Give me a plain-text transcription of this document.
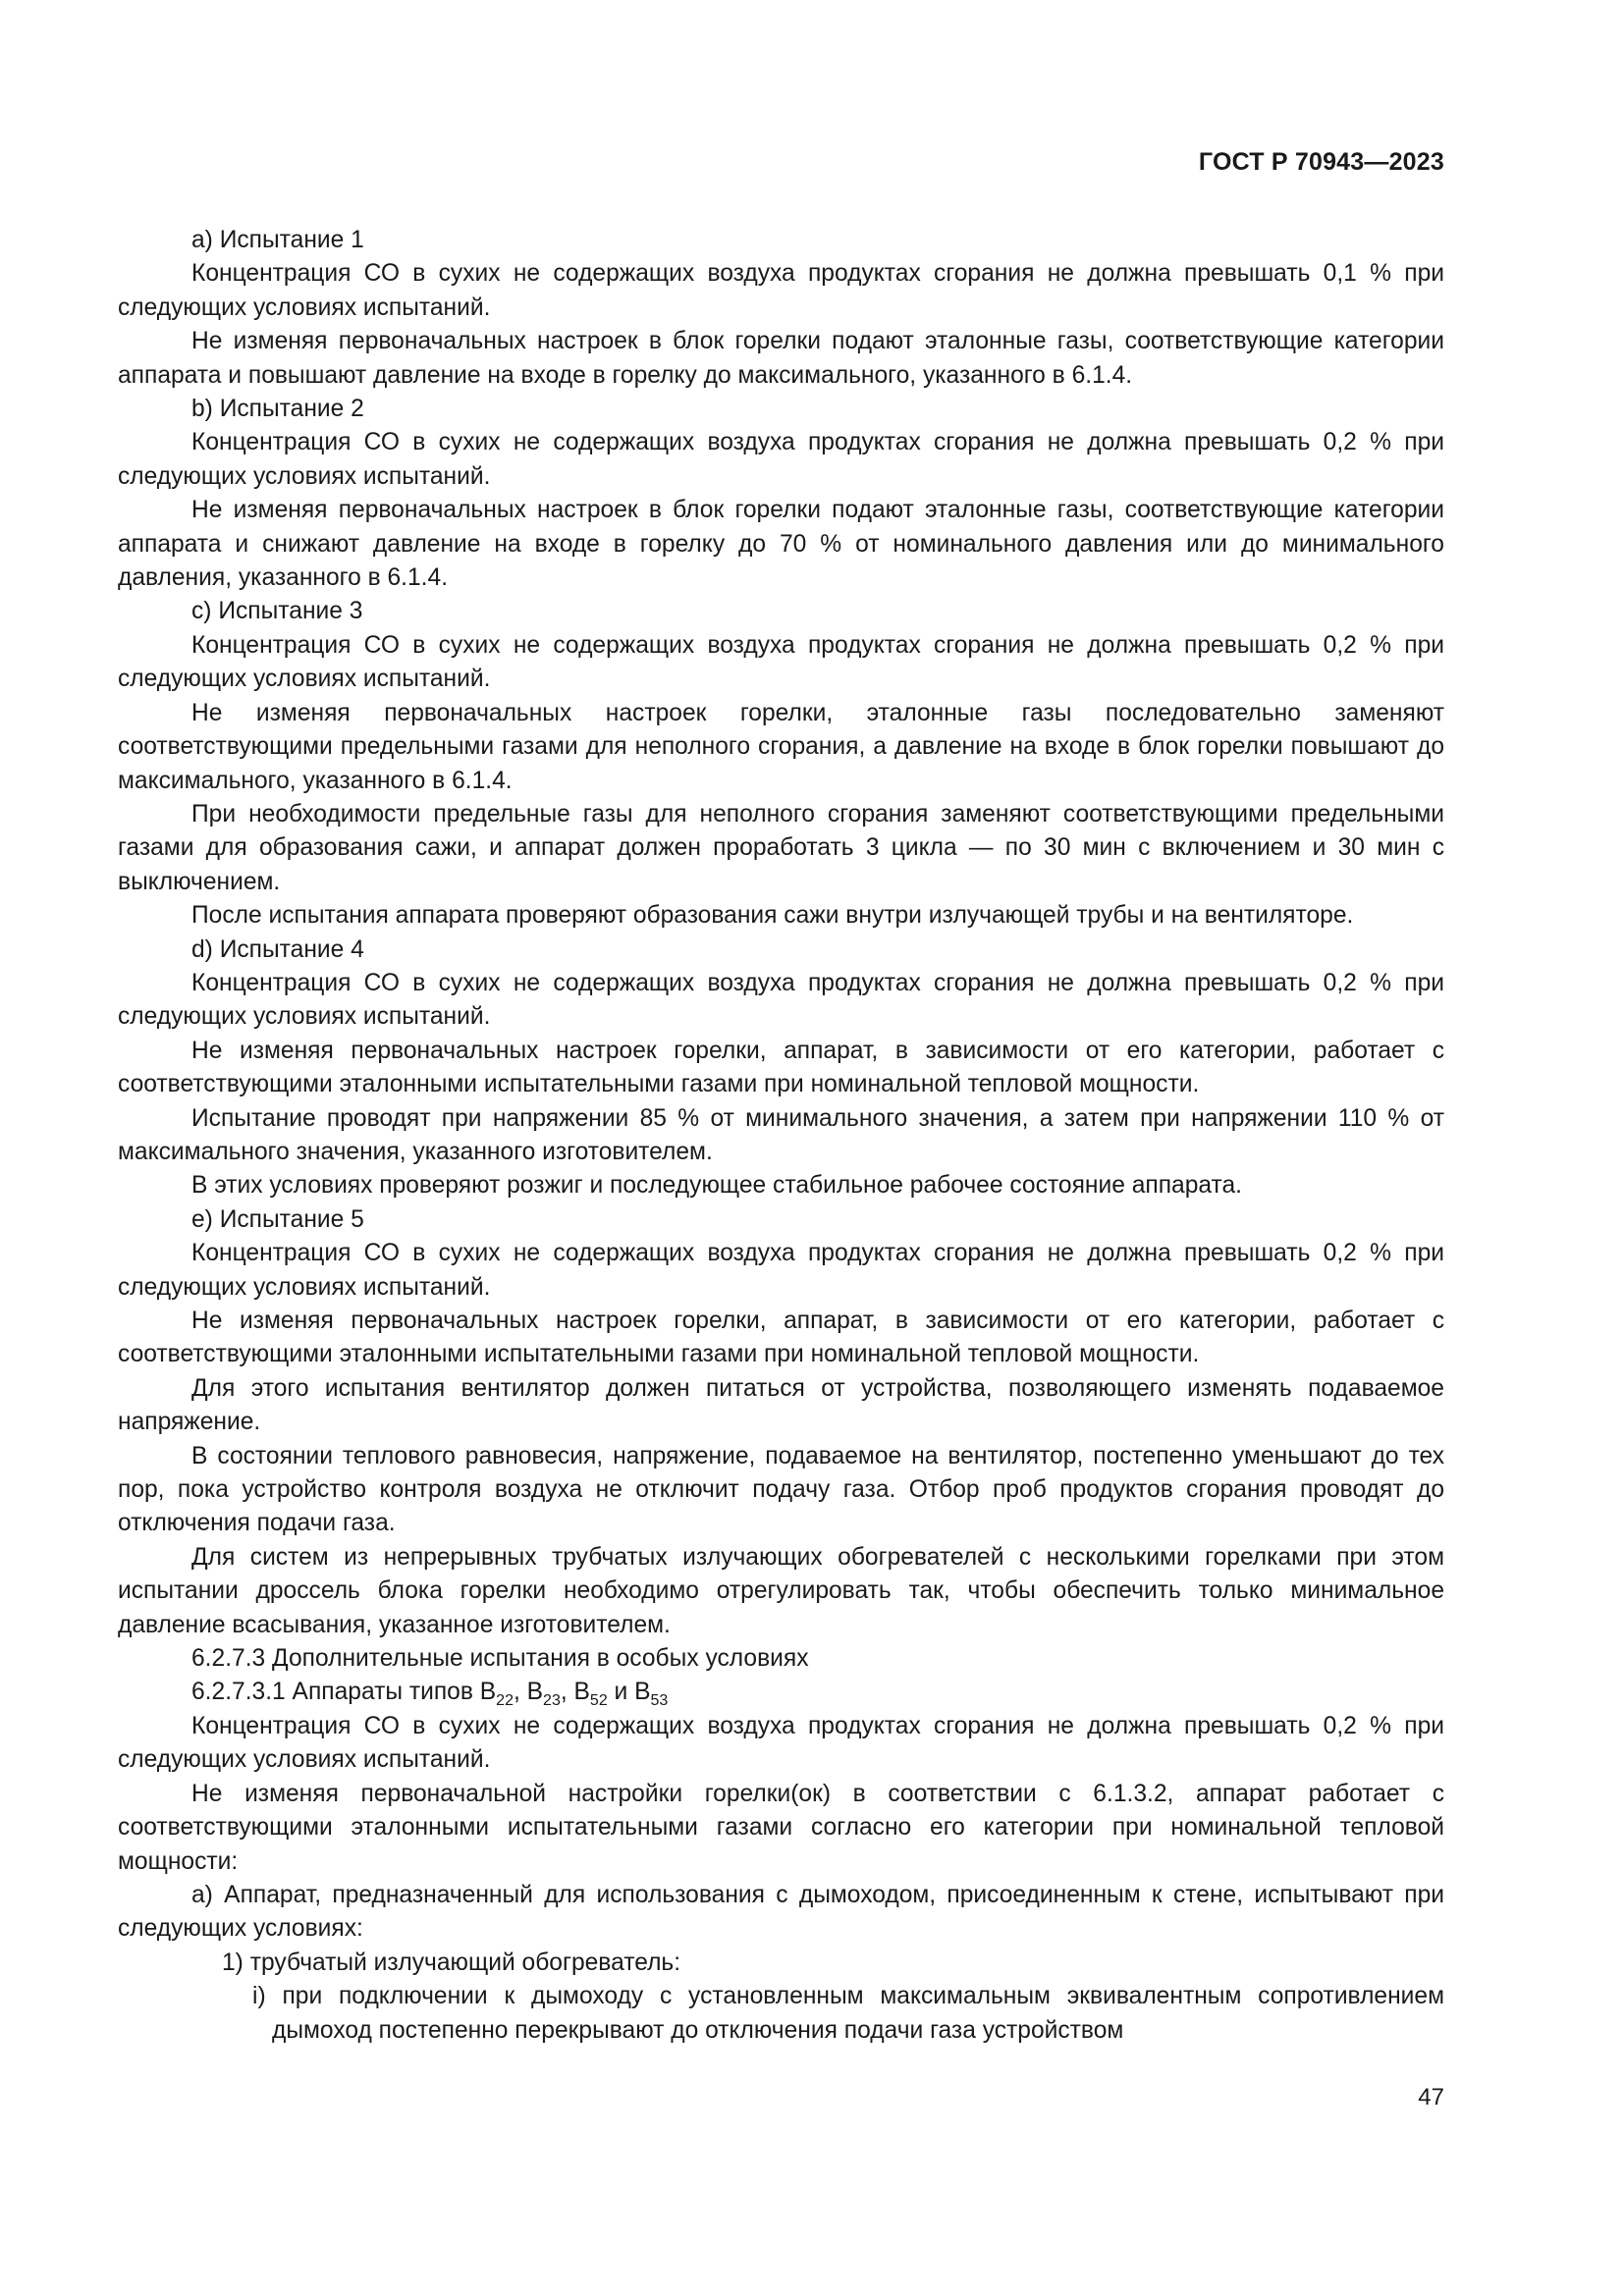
ГОСТ Р 70943—2023

a) Испытание 1

Концентрация СО в сухих не содержащих воздуха продуктах сгорания не должна превышать 0,1 % при следующих условиях испытаний.

Не изменяя первоначальных настроек в блок горелки подают эталонные газы, соответствующие категории аппарата и повышают давление на входе в горелку до максимального, указанного в 6.1.4.

b) Испытание 2

Концентрация СО в сухих не содержащих воздуха продуктах сгорания не должна превышать 0,2 % при следующих условиях испытаний.

Не изменяя первоначальных настроек в блок горелки подают эталонные газы, соответствующие категории аппарата и снижают давление на входе в горелку до 70 % от номинального давления или до минимального давления, указанного в 6.1.4.

c) Испытание 3

Концентрация СО в сухих не содержащих воздуха продуктах сгорания не должна превышать 0,2 % при следующих условиях испытаний.

Не изменяя первоначальных настроек горелки, эталонные газы последовательно заменяют соответствующими предельными газами для неполного сгорания, а давление на входе в блок горелки повышают до максимального, указанного в 6.1.4.

При необходимости предельные газы для неполного сгорания заменяют соответствующими предельными газами для образования сажи, и аппарат должен проработать 3 цикла — по 30 мин с включением и 30 мин с выключением.

После испытания аппарата проверяют образования сажи внутри излучающей трубы и на вентиляторе.

d) Испытание 4

Концентрация СО в сухих не содержащих воздуха продуктах сгорания не должна превышать 0,2 % при следующих условиях испытаний.

Не изменяя первоначальных настроек горелки, аппарат, в зависимости от его категории, работает с соответствующими эталонными испытательными газами при номинальной тепловой мощности.

Испытание проводят при напряжении 85 % от минимального значения, а затем при напряжении 110 % от максимального значения, указанного изготовителем.

В этих условиях проверяют розжиг и последующее стабильное рабочее состояние аппарата.

e) Испытание 5

Концентрация СО в сухих не содержащих воздуха продуктах сгорания не должна превышать 0,2 % при следующих условиях испытаний.

Не изменяя первоначальных настроек горелки, аппарат, в зависимости от его категории, работает с соответствующими эталонными испытательными газами при номинальной тепловой мощности.

Для этого испытания вентилятор должен питаться от устройства, позволяющего изменять подаваемое напряжение.

В состоянии теплового равновесия, напряжение, подаваемое на вентилятор, постепенно уменьшают до тех пор, пока устройство контроля воздуха не отключит подачу газа. Отбор проб продуктов сгорания проводят до отключения подачи газа.

Для систем из непрерывных трубчатых излучающих обогревателей с несколькими горелками при этом испытании дроссель блока горелки необходимо отрегулировать так, чтобы обеспечить только минимальное давление всасывания, указанное изготовителем.

6.2.7.3 Дополнительные испытания в особых условиях

6.2.7.3.1 Аппараты типов $B_{22}$, $B_{23}$, $B_{52}$ и $B_{53}$

Концентрация СО в сухих не содержащих воздуха продуктах сгорания не должна превышать 0,2 % при следующих условиях испытаний.

Не изменяя первоначальной настройки горелки(ок) в соответствии с 6.1.3.2, аппарат работает с соответствующими эталонными испытательными газами согласно его категории при номинальной тепловой мощности:

а) Аппарат, предназначенный для использования с дымоходом, присоединенным к стене, испытывают при следующих условиях:

1) трубчатый излучающий обогреватель:

i) при подключении к дымоходу с установленным максимальным эквивалентным сопротивлением дымоход постепенно перекрывают до отключения подачи газа устройством

47
